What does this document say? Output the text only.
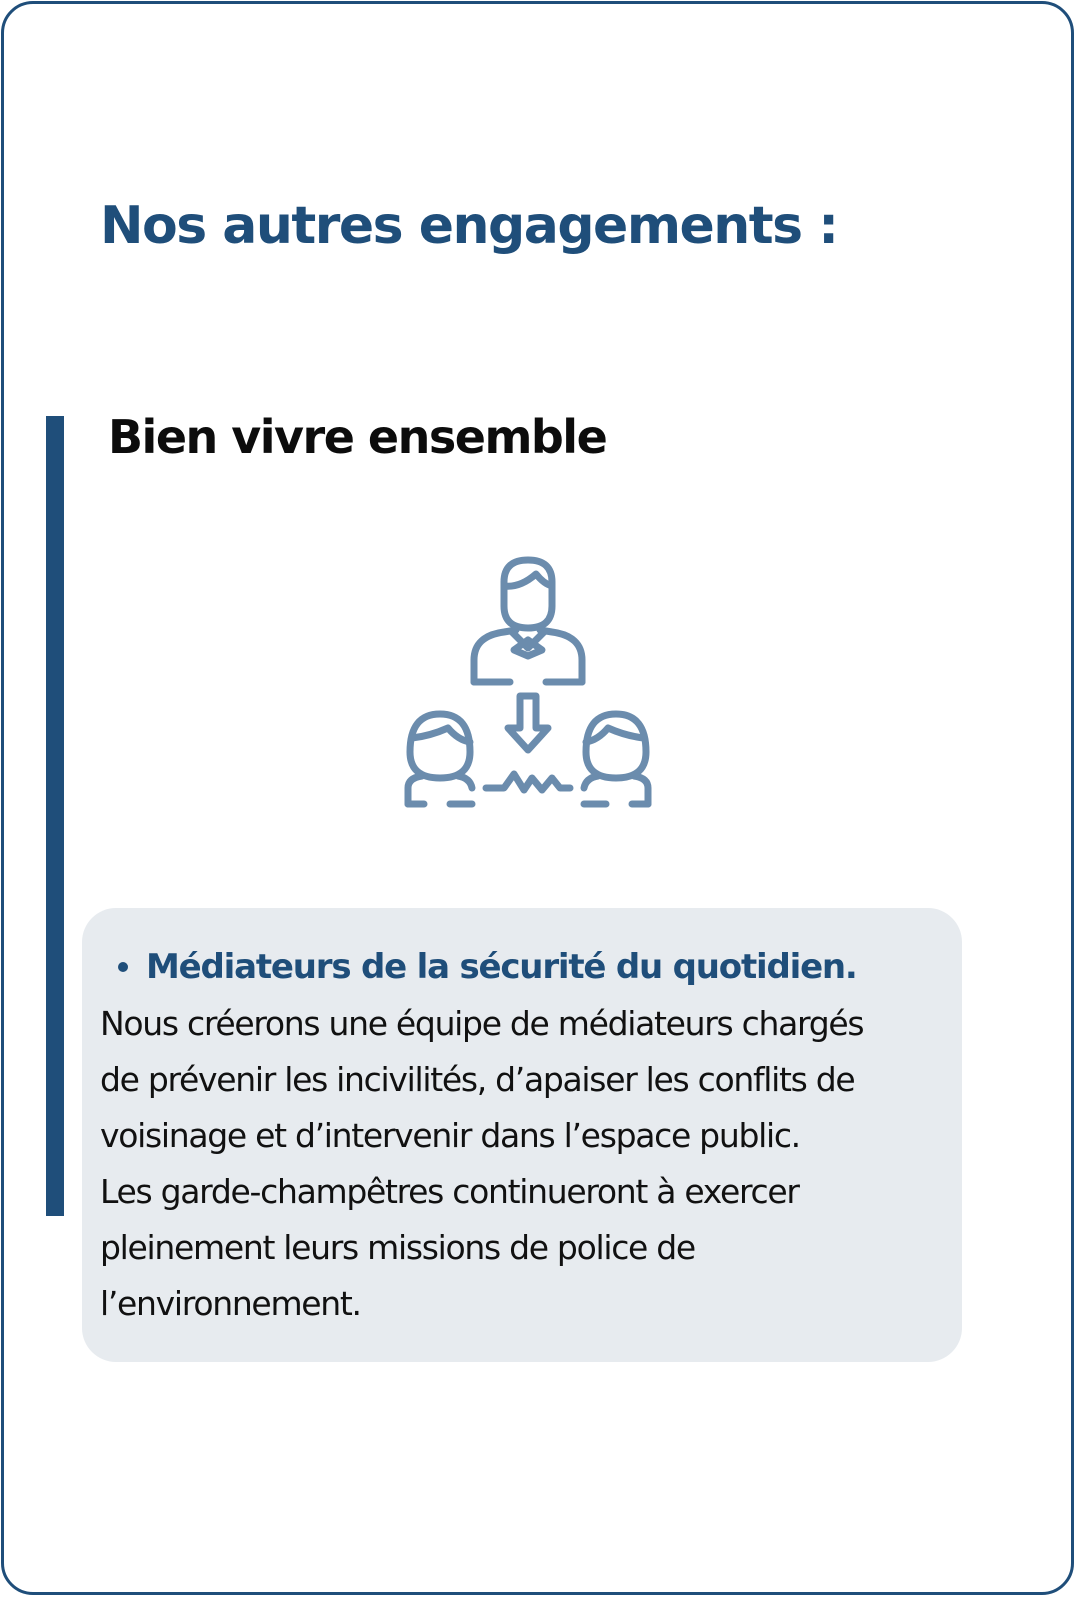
Nos autres engagements :
Bien vivre ensemble
Médiateurs de la sécurité du quotidien.

Nous créerons une équipe de médiateurs chargés
de prévenir les incivilités, d’apaiser les conflits de
voisinage et d’intervenir dans l’espace public.
Les garde-champêtres continueront à exercer
pleinement leurs missions de police de
l’environnement.
